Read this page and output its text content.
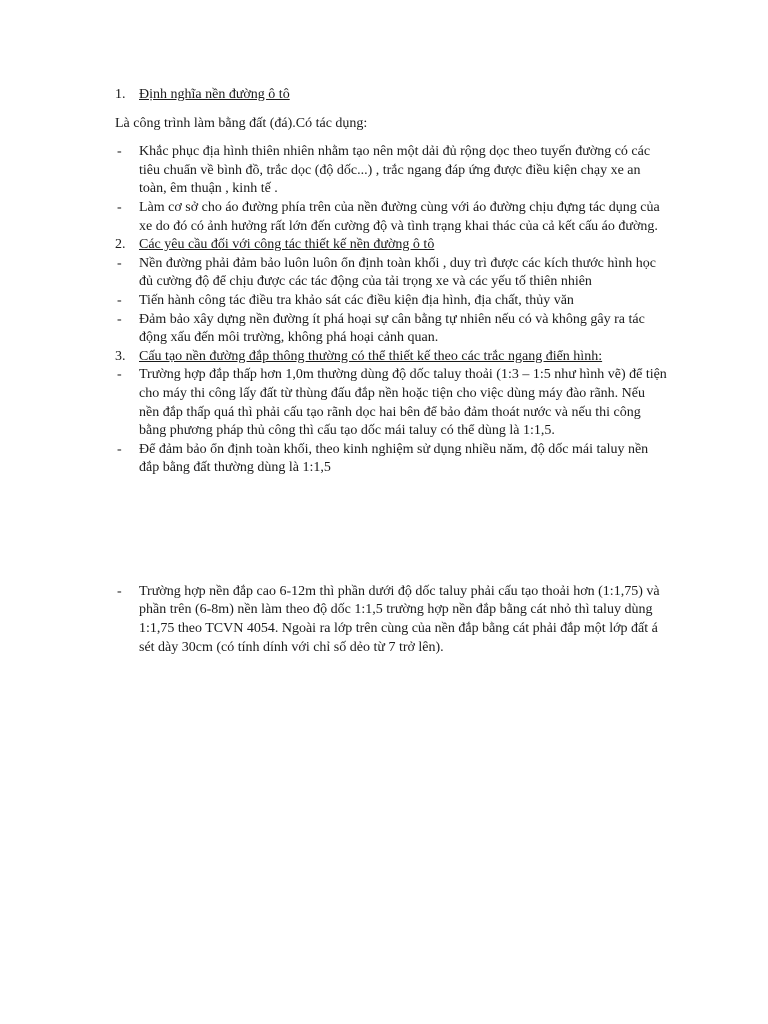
1. Định nghĩa nền đường ô tô
Là công trình làm bằng đất (đá).Có tác dụng:
- Khắc phục địa hình thiên nhiên nhằm tạo nên một dải đủ rộng dọc theo tuyến đường có các tiêu chuẩn về bình đồ, trắc dọc (độ dốc...) , trắc ngang đáp ứng được điều kiện chạy xe an toàn, êm thuận , kinh tế .
- Làm cơ sở cho áo đường phía trên của nền đường cùng với áo đường chịu đựng tác dụng của xe do đó có ảnh hưởng rất lớn đến cường độ và tình trạng khai thác của cả kết cấu áo đường.
2. Các yêu cầu đối với công tác thiết kế nền đường ô tô
- Nền đường phải đảm bảo luôn luôn ổn định toàn khối , duy trì được các kích thước hình học đủ cường độ để chịu được các tác động của tải trọng xe và các yếu tố thiên nhiên
- Tiến hành công tác điều tra khảo sát các điều kiện địa hình, địa chất, thủy văn
- Đảm bảo xây dựng nền đường ít phá hoại sự cân bằng tự nhiên nếu có và không gây ra tác động xấu đến môi trường, không phá hoại cảnh quan.
3. Cấu tạo nền đường đắp thông thường có thể thiết kế theo các trắc ngang điển hình:
- Trường hợp đắp thấp hơn 1,0m thường dùng độ dốc taluy thoải (1:3 – 1:5 như hình vẽ) để tiện cho máy thi công lấy đất từ thùng đấu đắp nền hoặc tiện cho việc dùng máy đào rãnh. Nếu nền đắp thấp quá thì phải cấu tạo rãnh dọc hai bên để bảo đảm thoát nước và nếu thi công bằng phương pháp thủ công thì cấu tạo dốc mái taluy có thể dùng là 1:1,5.
- Để đảm bảo ổn định toàn khối, theo kinh nghiệm sử dụng nhiều năm, độ dốc mái taluy nền đắp bằng đất thường dùng là 1:1,5
- Trường hợp nền đắp cao 6-12m thì phần dưới độ dốc taluy phải cấu tạo thoải hơn (1:1,75) và phần trên (6-8m) nền làm theo độ dốc 1:1,5 trường hợp nền đắp bằng cát nhỏ thì taluy dùng 1:1,75 theo TCVN 4054. Ngoài ra lớp trên cùng của nền đắp bằng cát phải đắp một lớp đất á sét dày 30cm (có tính dính với chỉ số dẻo từ 7 trở lên).
